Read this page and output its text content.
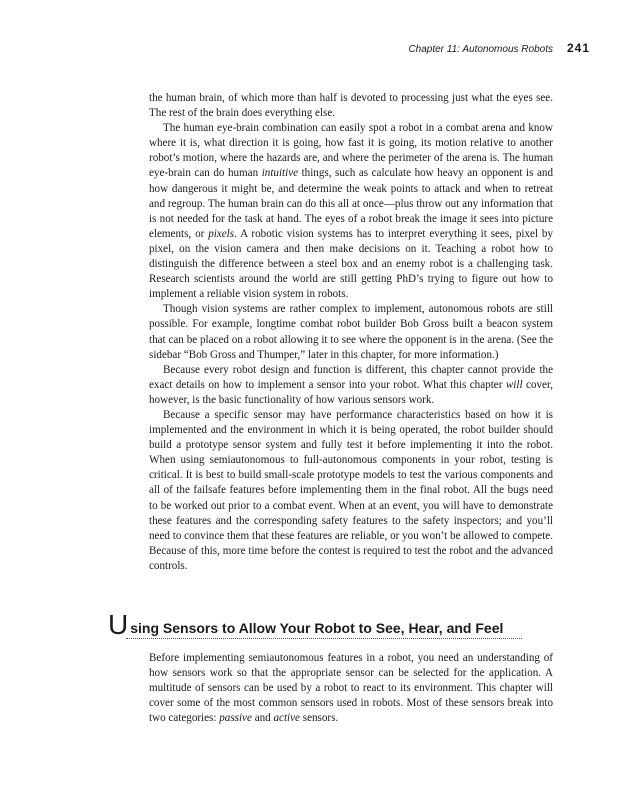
Chapter 11: Autonomous Robots 241

the human brain, of which more than half is devoted to processing just what the eyes see. The rest of the brain does everything else.

The human eye-brain combination can easily spot a robot in a combat arena and know where it is, what direction it is going, how fast it is going, its motion relative to another robot’s motion, where the hazards are, and where the perimeter of the arena is. The human eye-brain can do human intuitive things, such as calculate how heavy an opponent is and how dangerous it might be, and determine the weak points to attack and when to retreat and regroup. The human brain can do this all at once—plus throw out any information that is not needed for the task at hand. The eyes of a robot break the image it sees into picture elements, or pixels. A robotic vision systems has to interpret everything it sees, pixel by pixel, on the vision camera and then make decisions on it. Teaching a robot how to distinguish the difference between a steel box and an enemy robot is a challenging task. Research scientists around the world are still getting PhD’s trying to figure out how to implement a reliable vision system in robots.

Though vision systems are rather complex to implement, autonomous robots are still possible. For example, longtime combat robot builder Bob Gross built a beacon system that can be placed on a robot allowing it to see where the opponent is in the arena. (See the sidebar “Bob Gross and Thumper,” later in this chapter, for more information.)

Because every robot design and function is different, this chapter cannot provide the exact details on how to implement a sensor into your robot. What this chapter will cover, however, is the basic functionality of how various sensors work.

Because a specific sensor may have performance characteristics based on how it is implemented and the environment in which it is being operated, the robot builder should build a prototype sensor system and fully test it before implementing it into the robot. When using semiautonomous to full-autonomous components in your robot, testing is critical. It is best to build small-scale prototype models to test the various components and all of the failsafe features before implementing them in the final robot. All the bugs need to be worked out prior to a combat event. When at an event, you will have to demonstrate these features and the corresponding safety features to the safety inspectors; and you’ll need to convince them that these features are reliable, or you won’t be allowed to compete. Because of this, more time before the contest is required to test the robot and the advanced controls.

U sing Sensors to Allow Your Robot to See, Hear, and Feel

Before implementing semiautonomous features in a robot, you need an understanding of how sensors work so that the appropriate sensor can be selected for the application. A multitude of sensors can be used by a robot to react to its environment. This chapter will cover some of the most common sensors used in robots. Most of these sensors break into two categories: passive and active sensors.
